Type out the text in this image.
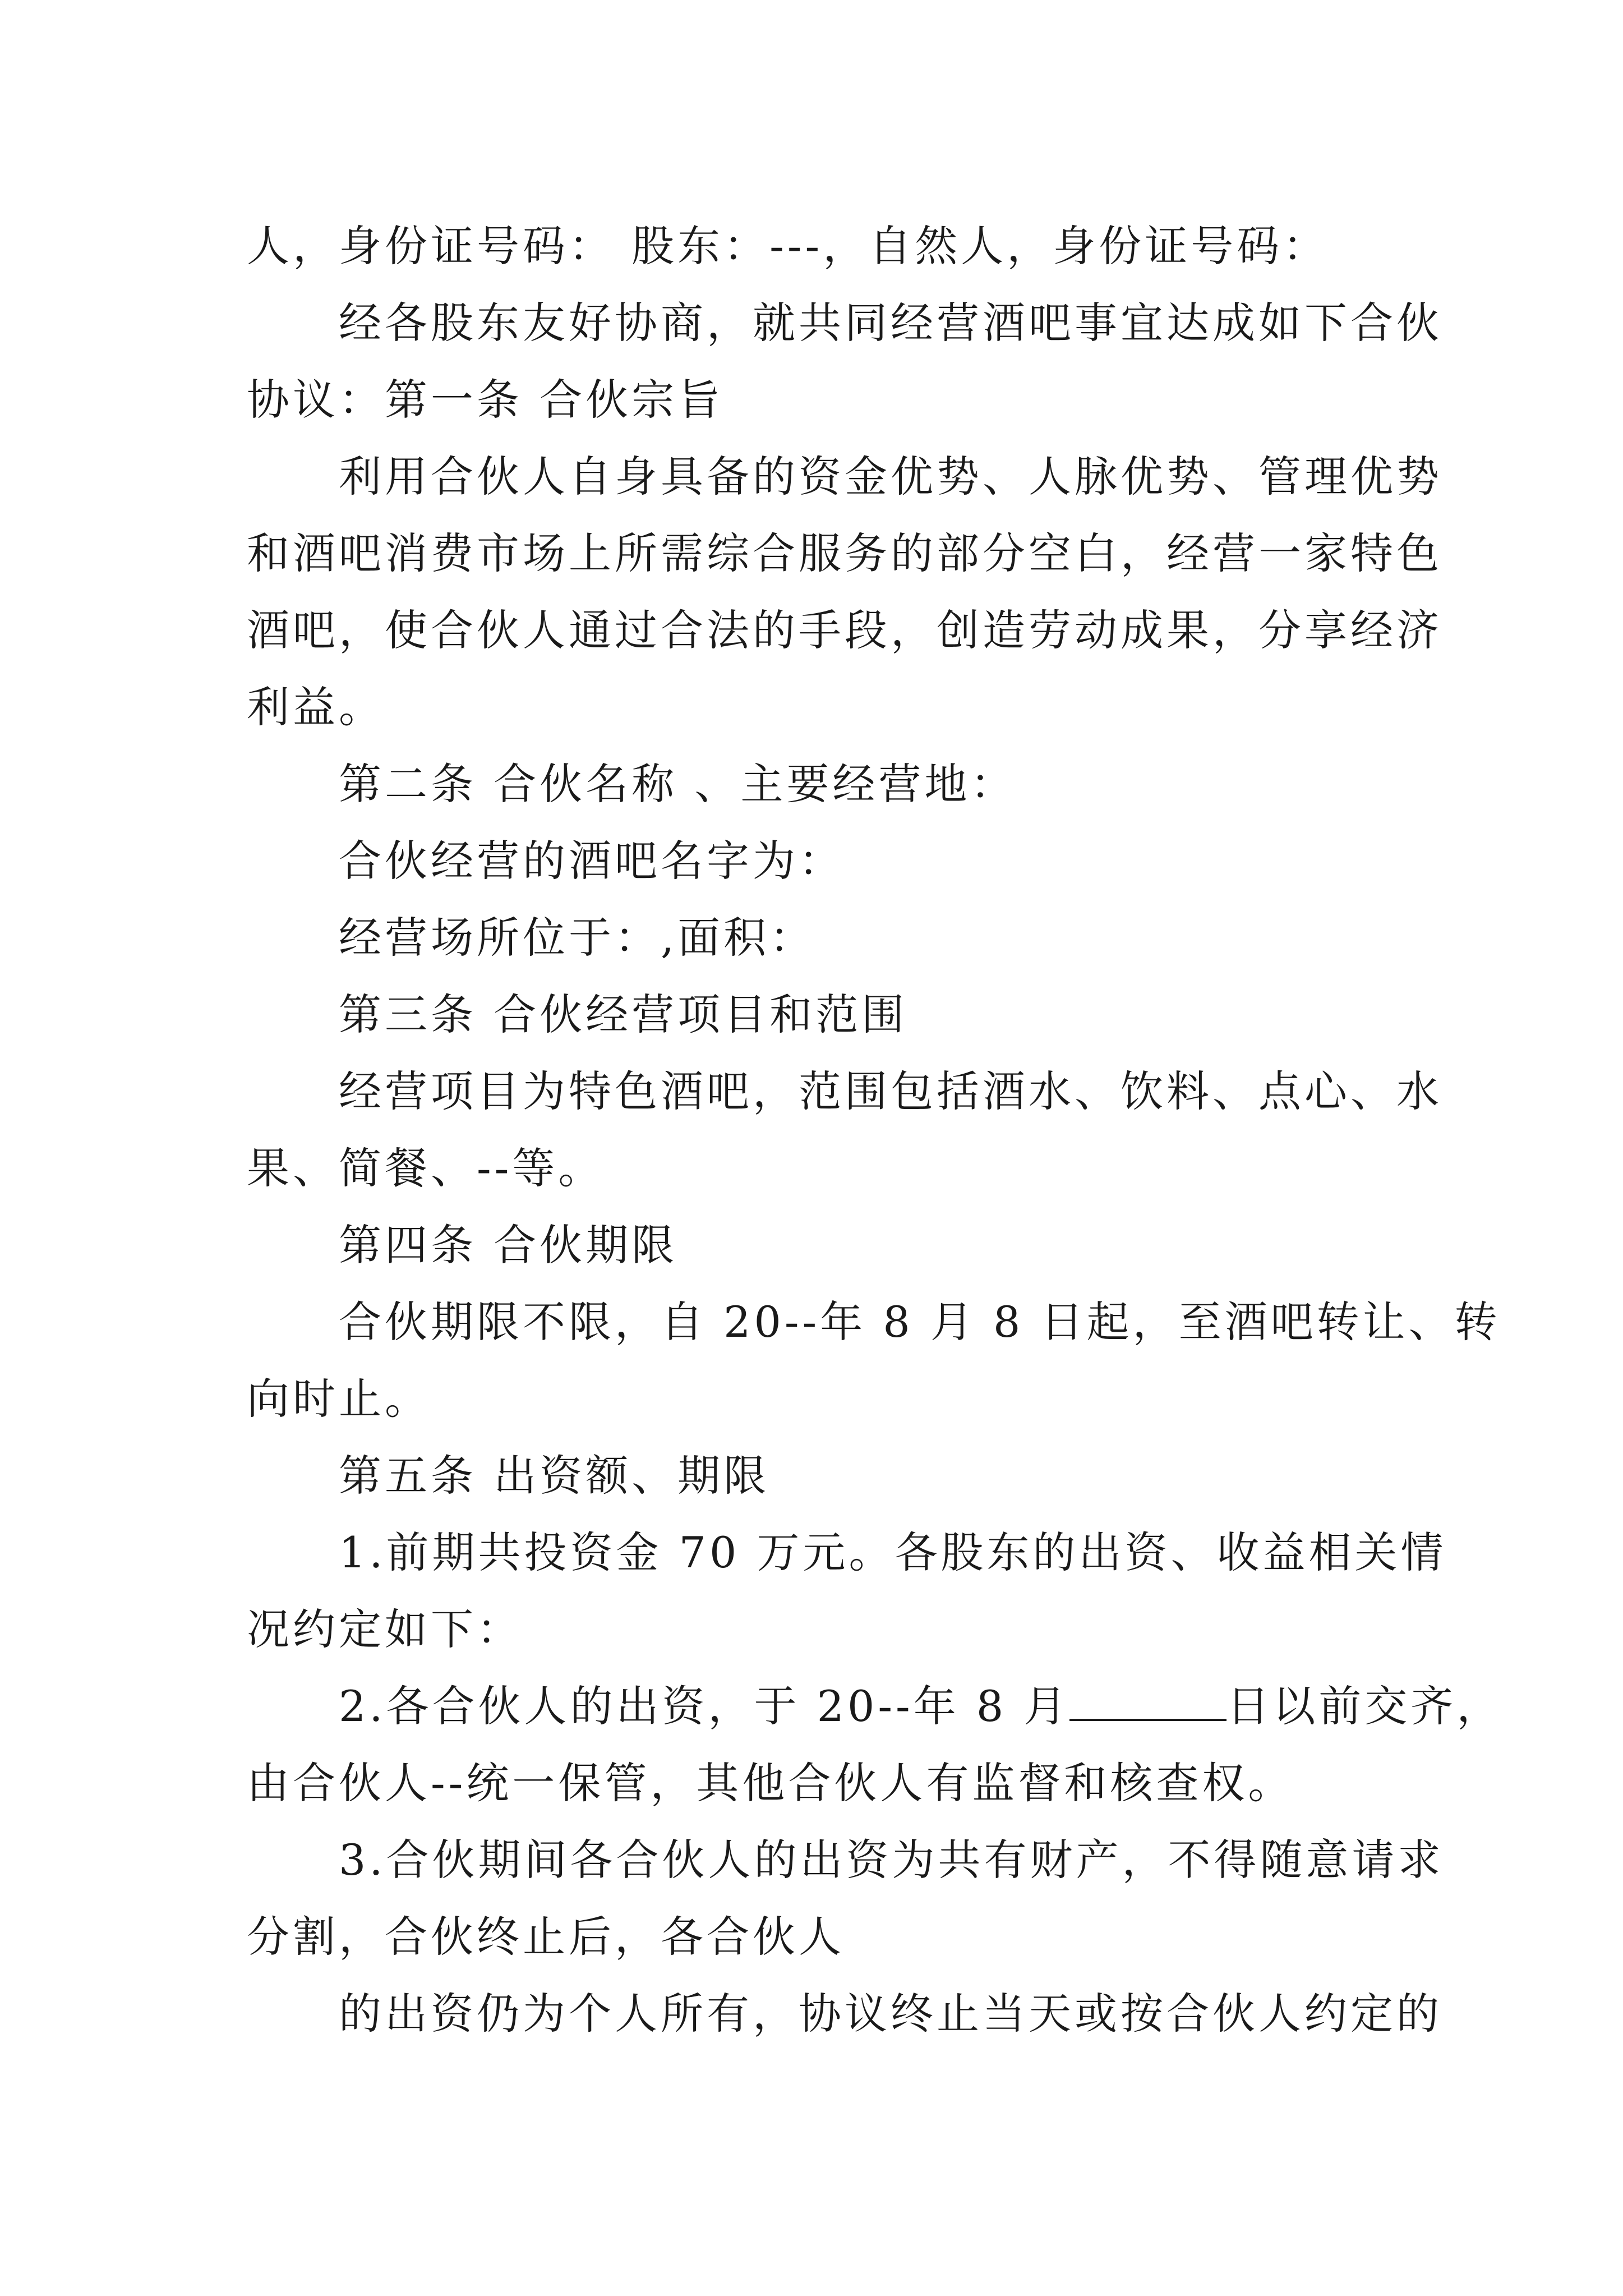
人，身份证号码： 股东：---，自然人，身份证号码：
经各股东友好协商，就共同经营酒吧事宜达成如下合伙
协议：第一条 合伙宗旨
利用合伙人自身具备的资金优势、人脉优势、管理优势
和酒吧消费市场上所需综合服务的部分空白，经营一家特色
酒吧，使合伙人通过合法的手段，创造劳动成果，分享经济
利益。
第二条 合伙名称 、主要经营地：
合伙经营的酒吧名字为：
经营场所位于：,面积：
第三条 合伙经营项目和范围
经营项目为特色酒吧，范围包括酒水、饮料、点心、水
果、简餐、--等。
第四条 合伙期限
合伙期限不限，自 20--年 8 月 8 日起，至酒吧转让、转
向时止。
第五条 出资额、期限
1.前期共投资金 70 万元。各股东的出资、收益相关情
况约定如下：
2.各合伙人的出资，于 20--年 8 月	日以前交齐，
由合伙人--统一保管，其他合伙人有监督和核查权。
3.合伙期间各合伙人的出资为共有财产，不得随意请求
分割，合伙终止后，各合伙人
的出资仍为个人所有，协议终止当天或按合伙人约定的
